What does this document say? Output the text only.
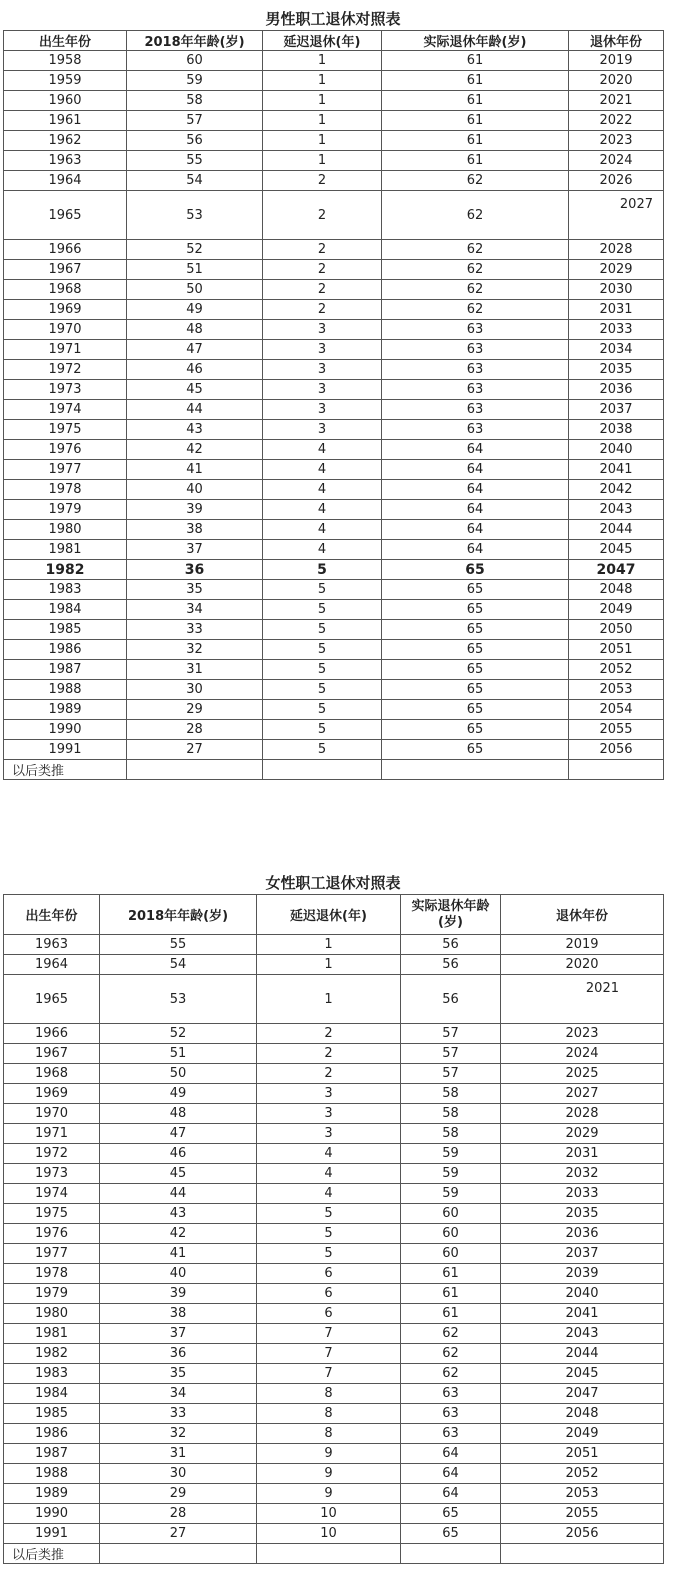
男性职工退休对照表
出生年份	2018年年龄(岁)	延迟退休(年)	实际退休年龄(岁)	退休年份
1958	60	1	61	2019
1959	59	1	61	2020
1960	58	1	61	2021
1961	57	1	61	2022
1962	56	1	61	2023
1963	55	1	61	2024
1964	54	2	62	2026
1965	53	2	62	2027
1966	52	2	62	2028
1967	51	2	62	2029
1968	50	2	62	2030
1969	49	2	62	2031
1970	48	3	63	2033
1971	47	3	63	2034
1972	46	3	63	2035
1973	45	3	63	2036
1974	44	3	63	2037
1975	43	3	63	2038
1976	42	4	64	2040
1977	41	4	64	2041
1978	40	4	64	2042
1979	39	4	64	2043
1980	38	4	64	2044
1981	37	4	64	2045
1982	36	5	65	2047
1983	35	5	65	2048
1984	34	5	65	2049
1985	33	5	65	2050
1986	32	5	65	2051
1987	31	5	65	2052
1988	30	5	65	2053
1989	29	5	65	2054
1990	28	5	65	2055
1991	27	5	65	2056
以后类推				
女性职工退休对照表
出生年份	2018年年龄(岁)	延迟退休(年)	实际退休年龄(岁)	退休年份
1963	55	1	56	2019
1964	54	1	56	2020
1965	53	1	56	2021
1966	52	2	57	2023
1967	51	2	57	2024
1968	50	2	57	2025
1969	49	3	58	2027
1970	48	3	58	2028
1971	47	3	58	2029
1972	46	4	59	2031
1973	45	4	59	2032
1974	44	4	59	2033
1975	43	5	60	2035
1976	42	5	60	2036
1977	41	5	60	2037
1978	40	6	61	2039
1979	39	6	61	2040
1980	38	6	61	2041
1981	37	7	62	2043
1982	36	7	62	2044
1983	35	7	62	2045
1984	34	8	63	2047
1985	33	8	63	2048
1986	32	8	63	2049
1987	31	9	64	2051
1988	30	9	64	2052
1989	29	9	64	2053
1990	28	10	65	2055
1991	27	10	65	2056
以后类推				
